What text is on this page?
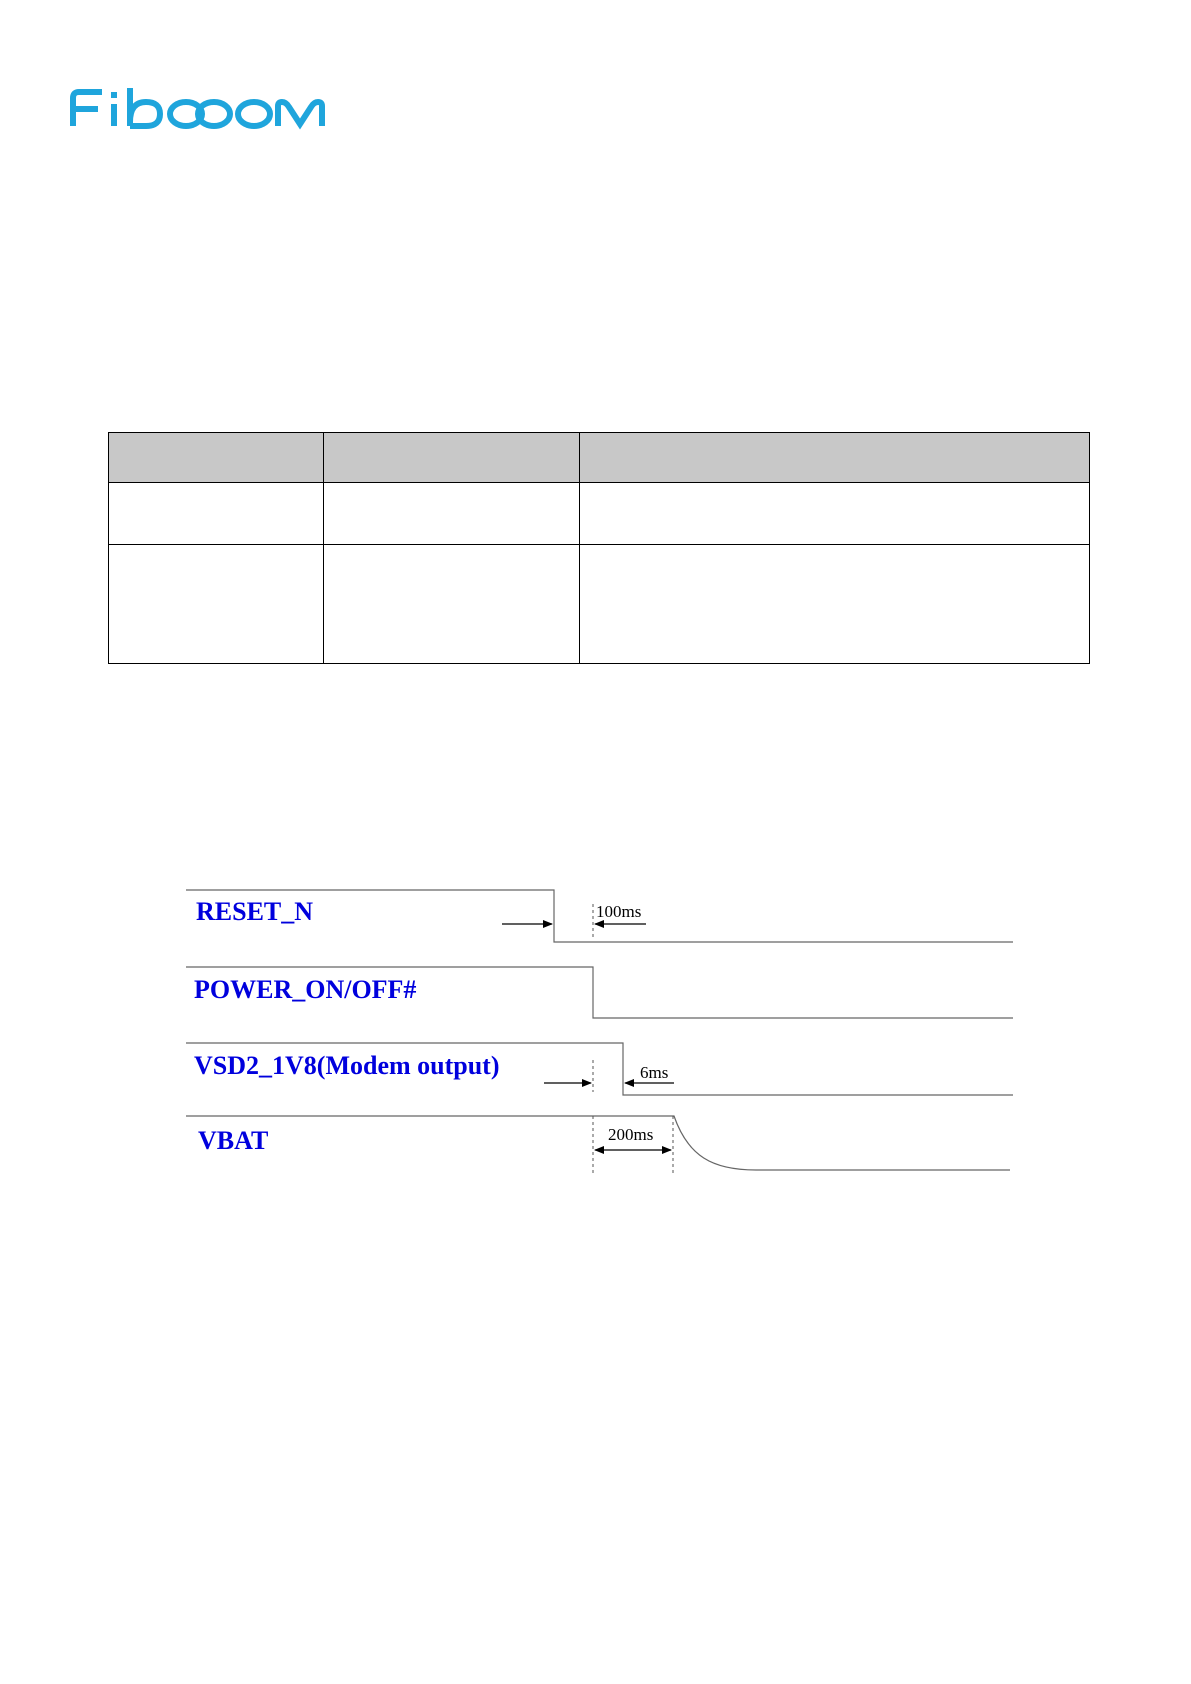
RESET_N	100ms
POWER_ON/OFF#
VSD2_1V8(Modem output)	6ms
VBAT	200ms
